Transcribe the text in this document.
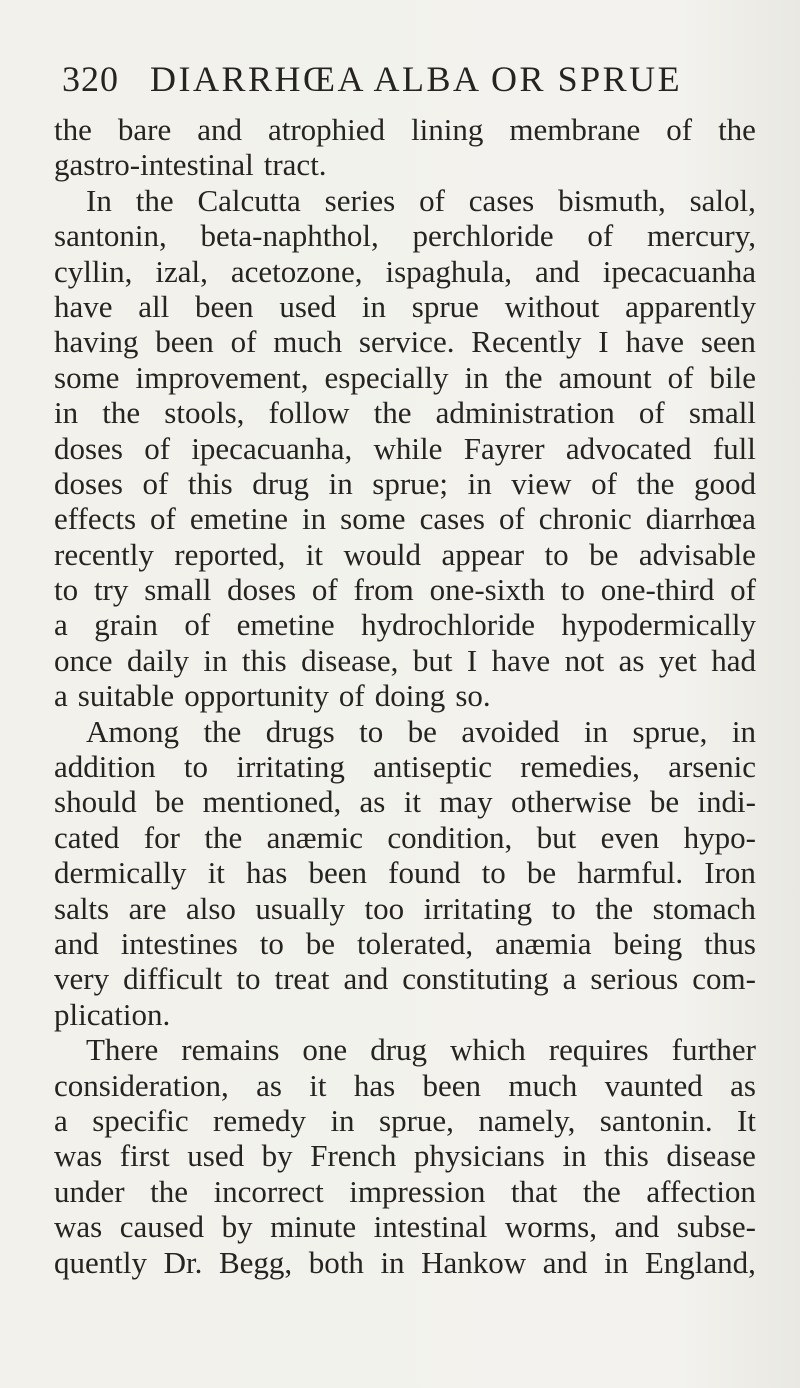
320 DIARRHŒA ALBA OR SPRUE
the bare and atrophied lining membrane of the
gastro-intestinal tract.
In the Calcutta series of cases bismuth, salol,
santonin, beta-naphthol, perchloride of mercury,
cyllin, izal, acetozone, ispaghula, and ipecacuanha
have all been used in sprue without apparently
having been of much service. Recently I have seen
some improvement, especially in the amount of bile
in the stools, follow the administration of small
doses of ipecacuanha, while Fayrer advocated full
doses of this drug in sprue; in view of the good
effects of emetine in some cases of chronic diarrhœa
recently reported, it would appear to be advisable
to try small doses of from one-sixth to one-third of
a grain of emetine hydrochloride hypodermically
once daily in this disease, but I have not as yet had
a suitable opportunity of doing so.
Among the drugs to be avoided in sprue, in
addition to irritating antiseptic remedies, arsenic
should be mentioned, as it may otherwise be indi-
cated for the anæmic condition, but even hypo-
dermically it has been found to be harmful. Iron
salts are also usually too irritating to the stomach
and intestines to be tolerated, anæmia being thus
very difficult to treat and constituting a serious com-
plication.
There remains one drug which requires further
consideration, as it has been much vaunted as
a specific remedy in sprue, namely, santonin. It
was first used by French physicians in this disease
under the incorrect impression that the affection
was caused by minute intestinal worms, and subse-
quently Dr. Begg, both in Hankow and in England,
